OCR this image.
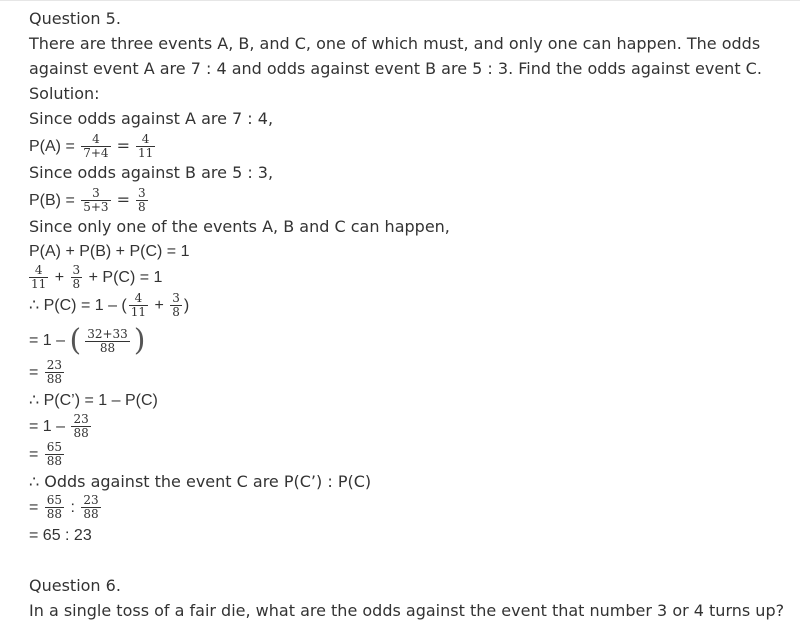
Question 5.
There are three events A, B, and C, one of which must, and only one can happen. The odds
against event A are 7 : 4 and odds against event B are 5 : 3. Find the odds against event C.
Solution:
Since odds against A are 7 : 4,
$P(A) = \frac{4}{7+4} = \frac{4}{11}$
Since odds against B are 5 : 3,
$P(B) = \frac{3}{5+3} = \frac{3}{8}$
Since only one of the events A, B and C can happen,
P(A) + P(B) + P(C) = 1
$\frac{4}{11} + \frac{3}{8} + P(C) = 1$
∴ P(C) = 1 – ( $\frac{4}{11} + \frac{3}{8}$ )
= 1 – ( $\frac{32+33}{88}$ )
= $\frac{23}{88}$
∴ P(C’) = 1 – P(C)
= $1 - \frac{23}{88}$
= $\frac{65}{88}$
∴ Odds against the event C are P(C’) : P(C)
= $\frac{65}{88}$ : $\frac{23}{88}$
= 65 : 23
Question 6.
In a single toss of a fair die, what are the odds against the event that number 3 or 4 turns up?
